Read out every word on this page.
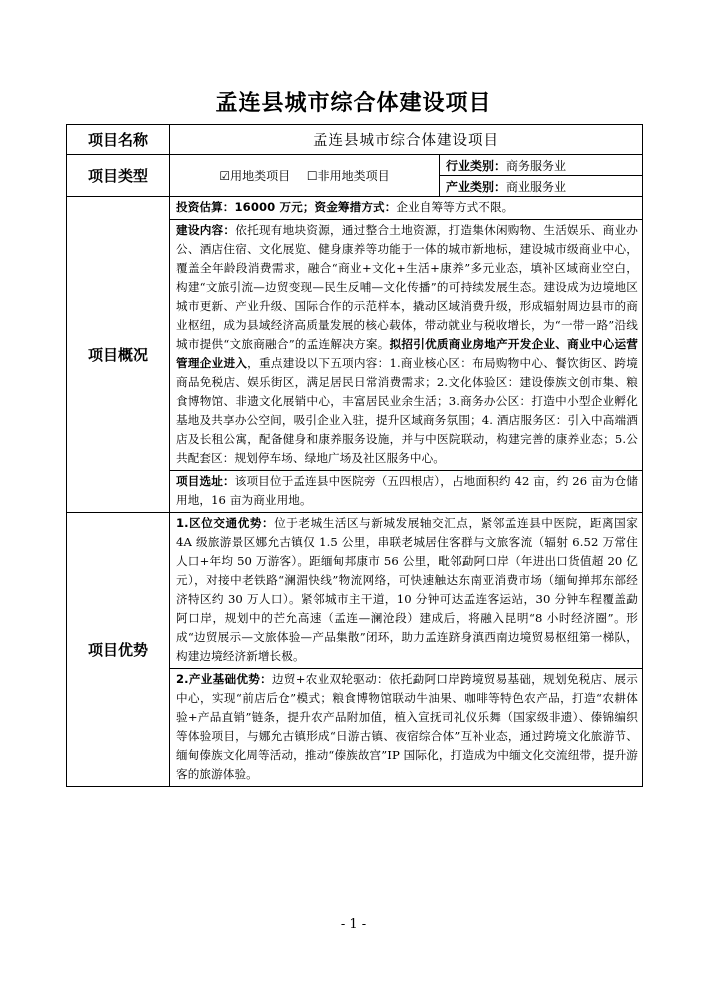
孟连县城市综合体建设项目
项目名称	孟连县城市综合体建设项目	
项目类型	☑用地类项目 ☐非用地类项目	行业类别：商务服务业
		产业类别：商业服务业
项目概况	投资估算：16000 万元；资金筹措方式：企业自筹等方式不限。	
	建设内容：依托现有地块资源，通过整合土地资源，打造集休闲购物、生活娱乐、商业办公、酒店住宿、文化展览、健身康养等功能于一体的城市新地标，建设城市级商业中心，覆盖全年龄段消费需求，融合“商业+文化+生活+康养”多元业态，填补区域商业空白，构建“文旅引流—边贸变现—民生反哺—文化传播”的可持续发展生态。建设成为边境地区城市更新、产业升级、国际合作的示范样本，撬动区域消费升级，形成辐射周边县市的商业枢纽，成为县域经济高质量发展的核心载体，带动就业与税收增长，为“一带一路”沿线城市提供“文旅商融合”的孟连解决方案。拟招引优质商业房地产开发企业、商业中心运营管理企业进入，重点建设以下五项内容：1.商业核心区：布局购物中心、餐饮街区、跨境商品免税店、娱乐街区，满足居民日常消费需求；2.文化体验区：建设傣族文创市集、粮食博物馆、非遗文化展销中心，丰富居民业余生活；3.商务办公区：打造中小型企业孵化基地及共享办公空间，吸引企业入驻，提升区域商务氛围；4. 酒店服务区：引入中高端酒店及长租公寓，配备健身和康养服务设施，并与中医院联动，构建完善的康养业态；5.公共配套区：规划停车场、绿地广场及社区服务中心。	
	项目选址：该项目位于孟连县中医院旁（五四根店），占地面积约 42 亩，约 26 亩为仓储用地，16 亩为商业用地。	
项目优势	1.区位交通优势：位于老城生活区与新城发展轴交汇点，紧邻孟连县中医院，距离国家 4A 级旅游景区娜允古镇仅 1.5 公里，串联老城居住客群与文旅客流（辐射 6.52 万常住人口+年均 50 万游客）。距缅甸邦康市 56 公里，毗邻勐阿口岸（年进出口货值超 20 亿元），对接中老铁路“澜湄快线”物流网络，可快速触达东南亚消费市场（缅甸掸邦东部经济特区约 30 万人口）。紧邻城市主干道，10 分钟可达孟连客运站，30 分钟车程覆盖勐阿口岸，规划中的芒允高速（孟连—澜沧段）建成后，将融入昆明“8 小时经济圈”。形成“边贸展示—文旅体验—产品集散”闭环，助力孟连跻身滇西南边境贸易枢纽第一梯队，构建边境经济新增长极。	
	2.产业基础优势：边贸+农业双轮驱动：依托勐阿口岸跨境贸易基础，规划免税店、展示中心，实现“前店后仓”模式；粮食博物馆联动牛油果、咖啡等特色农产品，打造“农耕体验+产品直销”链条，提升农产品附加值，植入宣抚司礼仪乐舞（国家级非遗）、傣锦编织等体验项目，与娜允古镇形成“日游古镇、夜宿综合体”互补业态，通过跨境文化旅游节、缅甸傣族文化周等活动，推动“傣族故宫”IP 国际化，打造成为中缅文化交流纽带，提升游客的旅游体验。	
- 1 -
